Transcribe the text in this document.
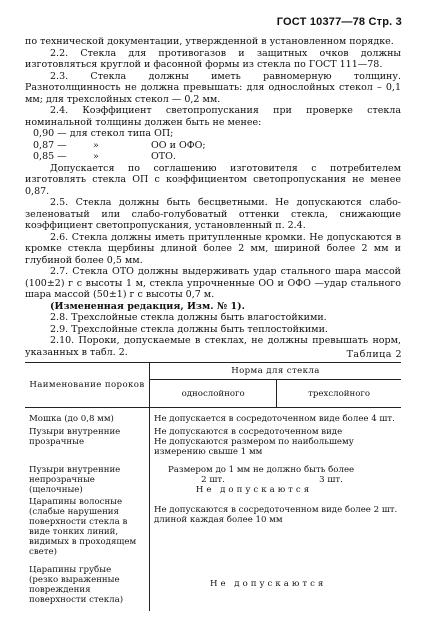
ГОСТ 10377—78 Стр. 3

по технической документации, утвержденной в установленном порядке.

2.2. Стекла для противогазов и защитных очков должны изготовляться круглой и фасонной формы из стекла по ГОСТ 111—78.

2.3. Стекла должны иметь равномерную толщину. Разнотолщинность не должна превышать: для однослойных стекол – 0,1 мм; для трехслойных стекол — 0,2 мм.

2.4. Коэффициент светопропускания при проверке стекла номинальной толщины должен быть не менее:

0,90 — для стекол типа ОП;
0,87 —	»	ОО и ОФО;
0,85 —	»	ОТО.

Допускается по соглашению изготовителя с потребителем изготовлять стекла ОП с коэффициентом светопропускания не менее 0,87.

2.5. Стекла должны быть бесцветными. Не допускаются слабо-зеленоватый или слабо-голубоватый оттенки стекла, снижающие коэффициент светопропускания, установленный п. 2.4.

2.6. Стекла должны иметь притупленные кромки. Не допускаются в кромке стекла щербины длиной более 2 мм, шириной более 2 мм и глубиной более 0,5 мм.

2.7. Стекла ОТО должны выдерживать удар стального шара массой (100±2) г с высоты 1 м, стекла упрочненные ОО и ОФО —удар стального шара массой (50±1) г с высоты 0,7 м.

(Измененная редакция, Изм. № 1).

2.8. Трехслойные стекла должны быть влагостойкими.

2.9. Трехслойные стекла должны быть теплостойкими.

2.10. Пороки, допускаемые в стеклах, не должны превышать норм, указанных в табл. 2.	Таблица 2
Наименование пороков	Норма для стекла	
	однослойного	трехслойного
Мошка (до 0,8 мм)	Не допускается в сосредоточенном виде более 4 шт.	
Пузыри внутренние прозрачные	Не допускаются в сосредоточенном виде
Не допускаются размером по наибольшему измерению свыше 1 мм	

Пузыри внутренние непрозрачные (щелочные)	Размером до 1 мм не должно быть более
2 шт. 3 шт.
Не допускаются	

Царапины волосные (слабые нарушения поверхности стекла в виде тонких линий, видимых в проходящем свете)	Не допускаются в сосредоточенном виде более 2 шт. длиной каждая более 10 мм	
Царапины грубые (резко выраженные повреждения поверхности стекла)	Не допускаются	
